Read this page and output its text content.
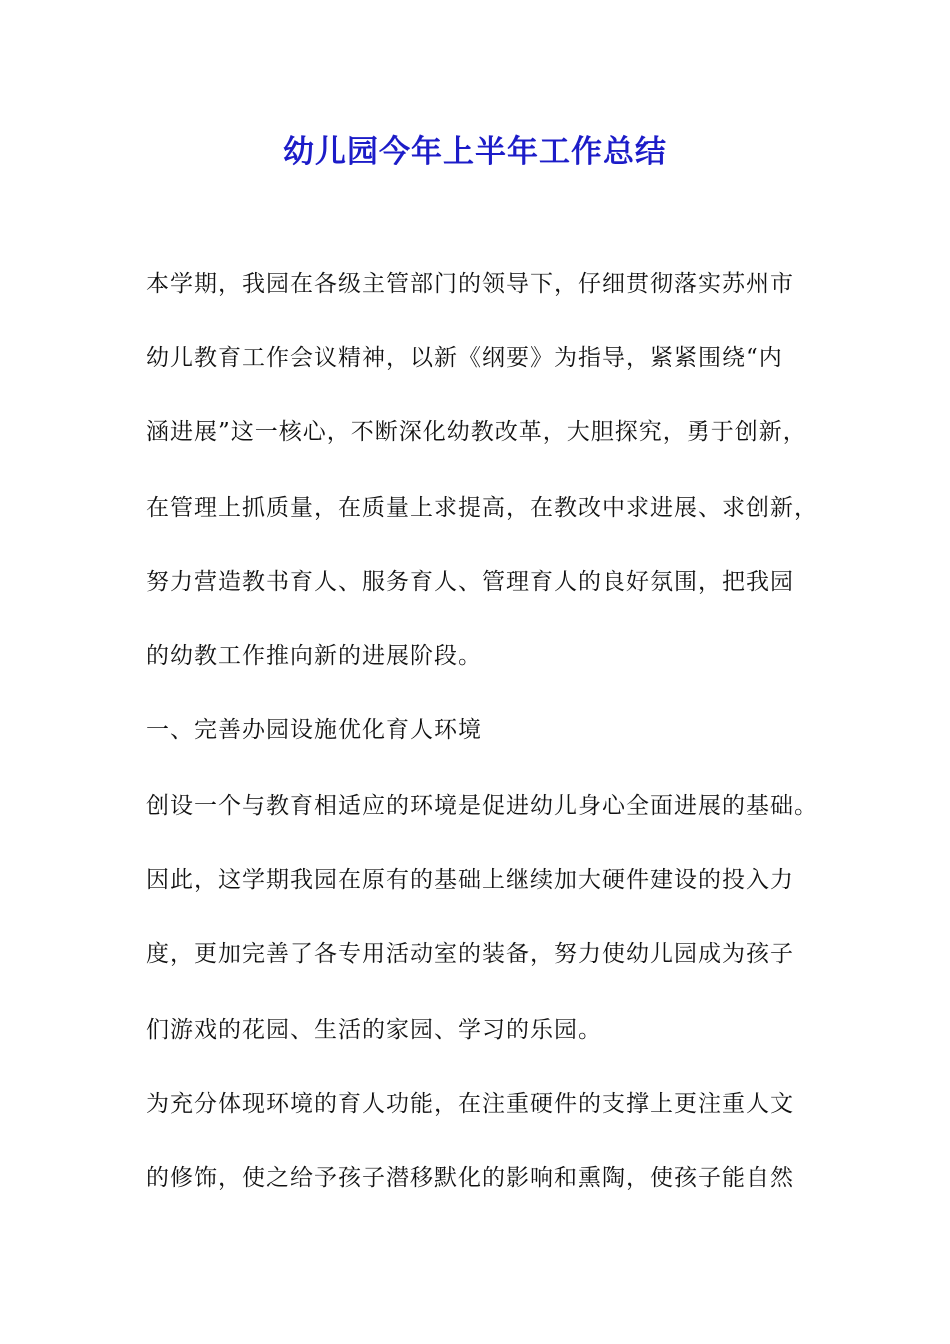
幼儿园今年上半年工作总结
本学期，我园在各级主管部门的领导下，仔细贯彻落实苏州市
幼儿教育工作会议精神，以新《纲要》为指导，紧紧围绕“内
涵进展”这一核心，不断深化幼教改革，大胆探究，勇于创新，
在管理上抓质量，在质量上求提高，在教改中求进展、求创新，
努力营造教书育人、服务育人、管理育人的良好氛围，把我园
的幼教工作推向新的进展阶段。
一、完善办园设施优化育人环境
创设一个与教育相适应的环境是促进幼儿身心全面进展的基础。
因此，这学期我园在原有的基础上继续加大硬件建设的投入力
度，更加完善了各专用活动室的装备，努力使幼儿园成为孩子
们游戏的花园、生活的家园、学习的乐园。
为充分体现环境的育人功能，在注重硬件的支撑上更注重人文
的修饰，使之给予孩子潜移默化的影响和熏陶，使孩子能自然
